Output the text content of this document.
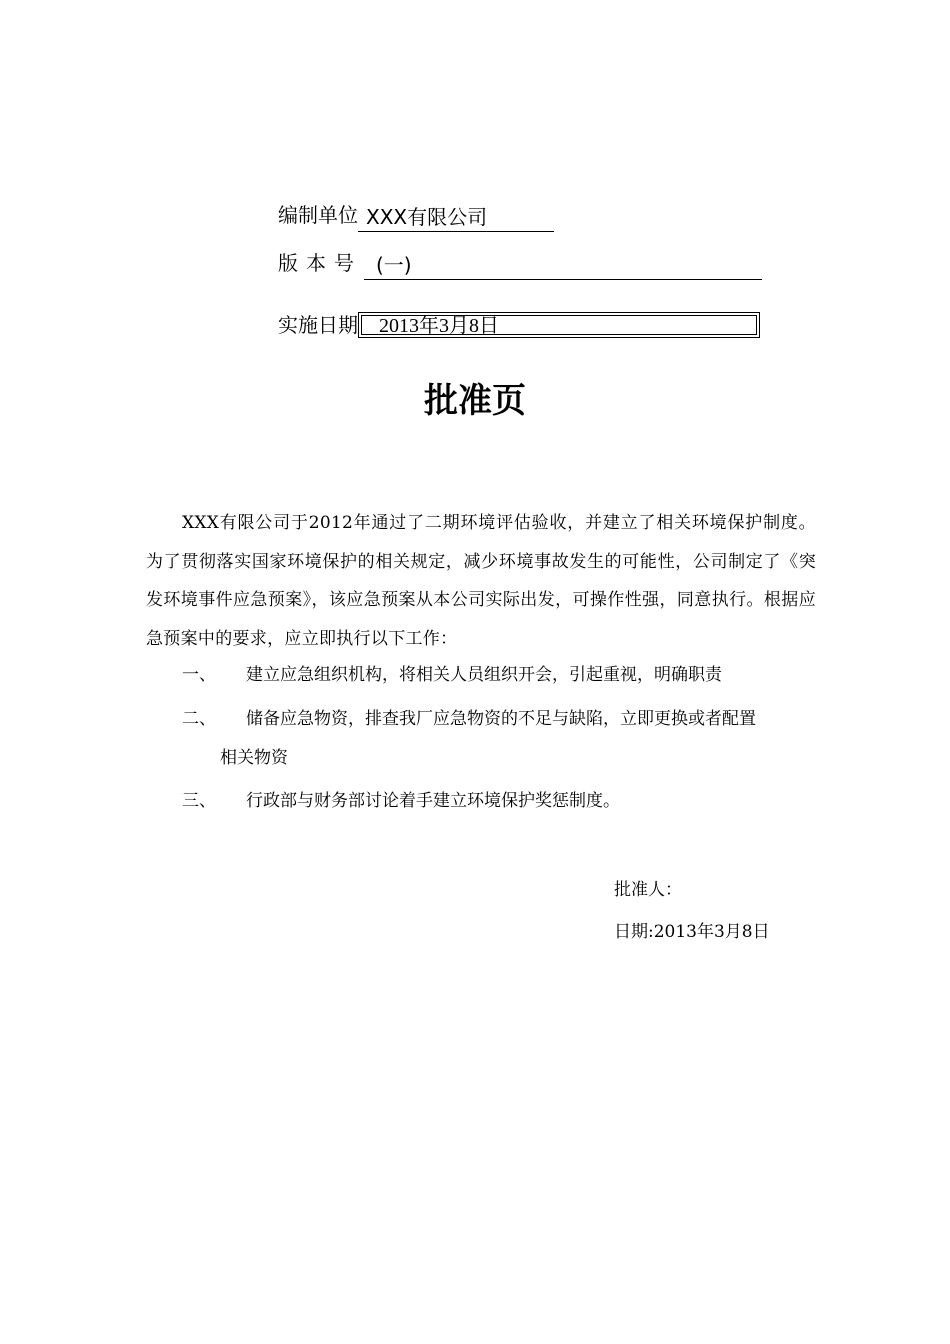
编制单位 XXX有限公司
版本号 (一)
实施日期 2013年3月8日
批准页

XXX有限公司于2012年通过了二期环境评估验收，并建立了相关环境保护制度。为了贯彻落实国家环境保护的相关规定，减少环境事故发生的可能性，公司制定了《突发环境事件应急预案》，该应急预案从本公司实际出发，可操作性强，同意执行。根据应急预案中的要求，应立即执行以下工作：

一、 建立应急组织机构，将相关人员组织开会，引起重视，明确职责
二、 储备应急物资，排查我厂应急物资的不足与缺陷，立即更换或者配置
相关物资
三、 行政部与财务部讨论着手建立环境保护奖惩制度。
批准人：
日期:2013年3月8日
